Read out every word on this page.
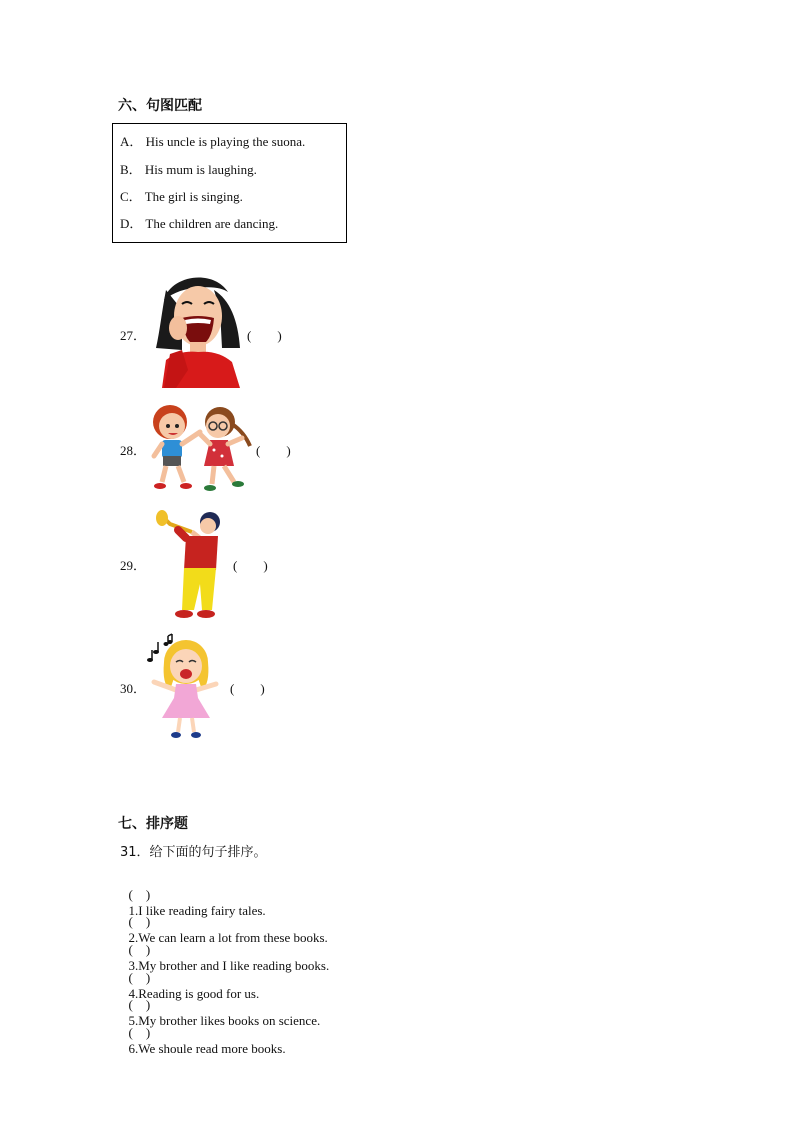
六、句图匹配
A． His uncle is playing the suona.
B． His mum is laughing.
C． The girl is singing.
D． The children are dancing.
27．	(　　)
28．	(　　)
29．	(　　)
30．	(　　)
七、排序题
31．给下面的句子排序。

(　)
1.I like reading fairy tales.

(　)
2.We can learn a lot from these books.

(　)
3.My brother and I like reading books.

(　)
4.Reading is good for us.

(　)
5.My brother likes books on science.

(　)
6.We shoule read more books.
